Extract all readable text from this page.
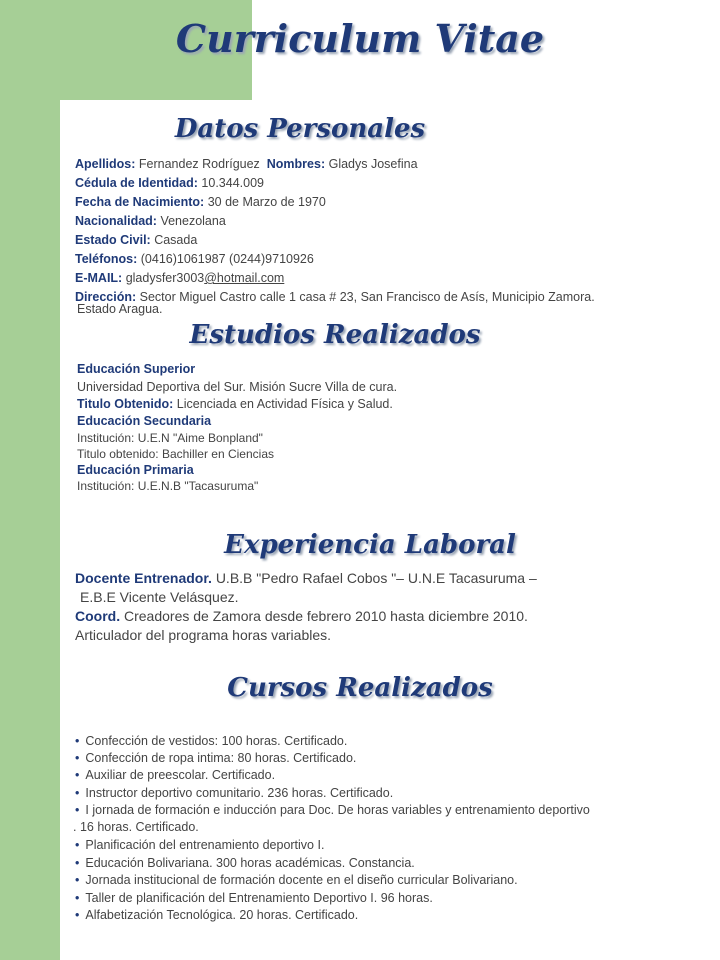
Curriculum Vitae
Datos Personales

Apellidos: Fernandez Rodríguez Nombres: Gladys Josefina

Cédula de Identidad: 10.344.009

Fecha de Nacimiento: 30 de Marzo de 1970

Nacionalidad: Venezolana

Estado Civil: Casada

Teléfonos: (0416)1061987 (0244)9710926

E-MAIL: gladysfer3003@hotmail.com

Dirección: Sector Miguel Castro calle 1 casa # 23, San Francisco de Asís, Municipio Zamora.

Estado Aragua.

Estudios Realizados

Educación Superior

Universidad Deportiva del Sur. Misión Sucre Villa de cura.

Titulo Obtenido: Licenciada en Actividad Física y Salud.

Educación Secundaria

Institución: U.E.N "Aime Bonpland"

Titulo obtenido: Bachiller en Ciencias

Educación Primaria

Institución: U.E.N.B "Tacasuruma"

Experiencia Laboral

Docente Entrenador. U.B.B "Pedro Rafael Cobos "– U.N.E Tacasuruma –

E.B.E Vicente Velásquez.

Coord. Creadores de Zamora desde febrero 2010 hasta diciembre 2010.

Articulador del programa horas variables.

Cursos Realizados

• Confección de vestidos: 100 horas. Certificado.

• Confección de ropa intima: 80 horas. Certificado.

• Auxiliar de preescolar. Certificado.

• Instructor deportivo comunitario. 236 horas. Certificado.

• I jornada de formación e inducción para Doc. De horas variables y entrenamiento deportivo

. 16 horas. Certificado.

• Planificación del entrenamiento deportivo I.

• Educación Bolivariana. 300 horas académicas. Constancia.

• Jornada institucional de formación docente en el diseño curricular Bolivariano.

• Taller de planificación del Entrenamiento Deportivo I. 96 horas.

• Alfabetización Tecnológica. 20 horas. Certificado.
